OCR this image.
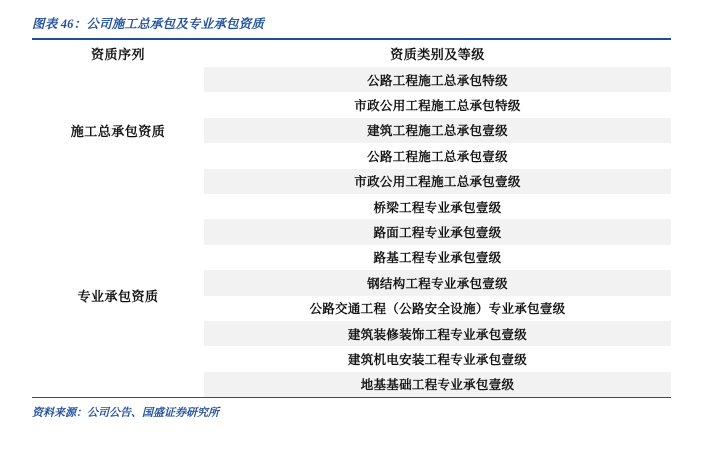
图表 46：公司施工总承包及专业承包资质
资质序列	资质类别及等级
施工总承包资质	公路工程施工总承包特级
	市政公用工程施工总承包特级
	建筑工程施工总承包壹级
	公路工程施工总承包壹级
	市政公用工程施工总承包壹级
专业承包资质	桥梁工程专业承包壹级
	路面工程专业承包壹级
	路基工程专业承包壹级
	钢结构工程专业承包壹级
	公路交通工程（公路安全设施）专业承包壹级
	建筑装修装饰工程专业承包壹级
	建筑机电安装工程专业承包壹级
	地基基础工程专业承包壹级
资料来源：公司公告、国盛证券研究所
